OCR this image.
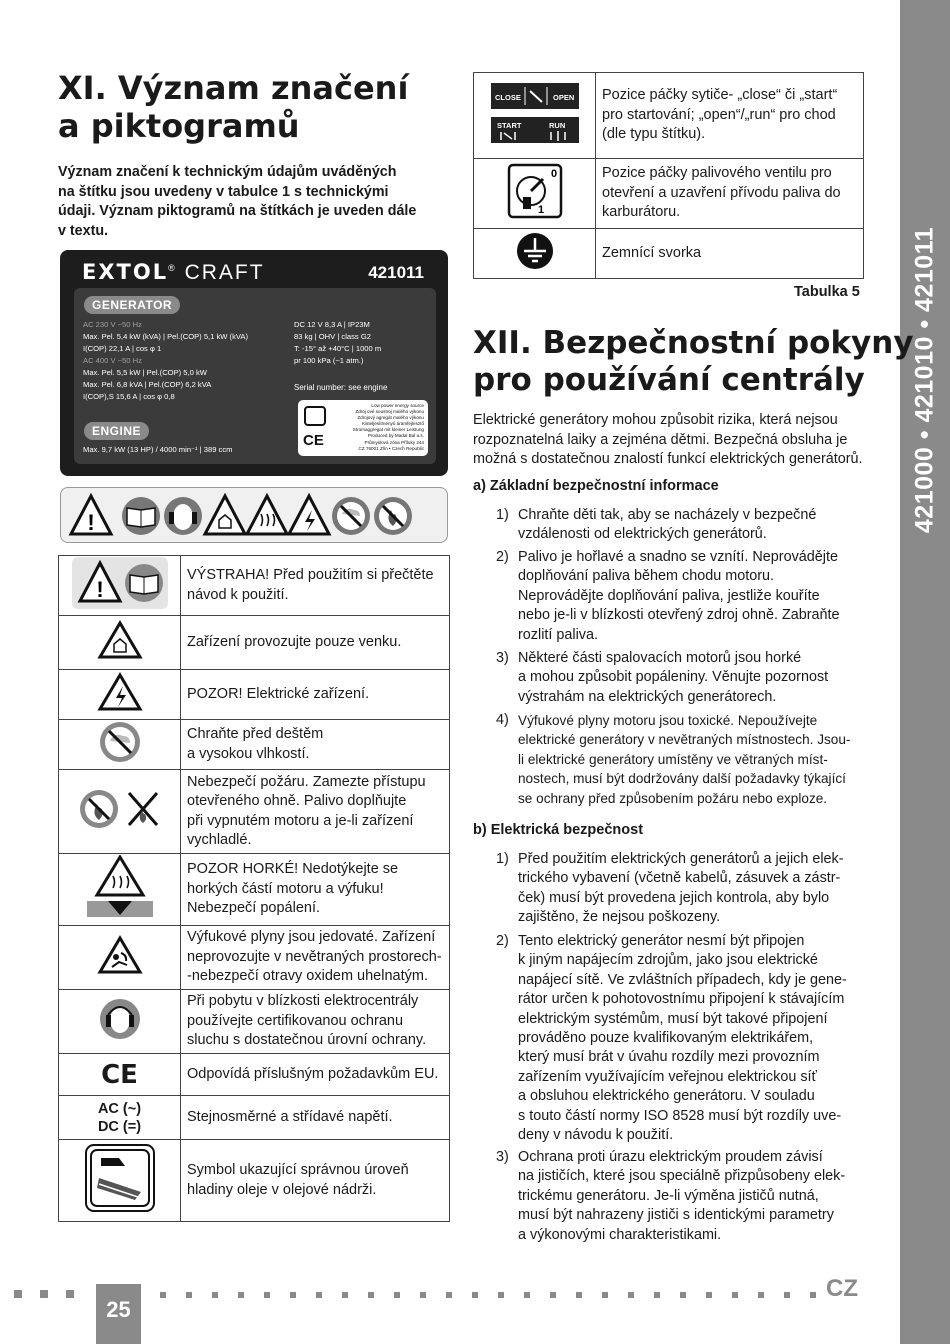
421000 • 421010 • 421011
XI. Význam značení
a piktogramů
Význam značení k technickým údajům uváděných
na štítku jsou uvedeny v tabulce 1 s technickými
údaji. Význam piktogramů na štítkách je uveden dále
v textu.
EXTOL® CRAFT	421011
GENERATOR
AC 230 V ~50 Hz
Max. Pel. 5,4 kW (kVA) | Pel.(COP) 5,1 kW (kVA)
I(COP) 22,1 A | cos φ 1
AC 400 V ~50 Hz
Max. Pel. 5,5 kW | Pel.(COP) 5,0 kW
Max. Pel. 6,8 kVA | Pel.(COP) 6,2 kVA
I(COP),S 15,6 A | cos φ 0,8
DC 12 V 8,3 A | IP23M
83 kg | OHV | class G2
T: -15° až +40°C | 1000 m
pr 100 kPa (~1 atm.)
Serial number: see engine
ENGINE
Max. 9,7 kW (13 HP) / 4000 min⁻¹ | 389 ccm
CE
Low power energy source
Zdroj ové soustroj malého výkonu
Zdrojový agregát malého výkonu
Kisteljesítményű áramfejlesztő
Stromaggregat mit kleiner Leistung
Produced by Madal Bal a.s.
Průmyslová zóna Příluky 244
CZ 76001 Zlín • Czech Republic
!
!	VÝSTRAHA! Před použitím si přečtěte
návod k použití.

Zařízení provozujte pouze venku.

POZOR! Elektrické zařízení.

Chraňte před deštěm
a vysokou vlhkostí.

Nebezpečí požáru. Zamezte přístupu
otevřeného ohně. Palivo doplňujte
při vypnutém motoru a je-li zařízení
vychladlé.

POZOR HORKÉ! Nedotýkejte se
horkých částí motoru a výfuku!
Nebezpečí popálení.

Výfukové plyny jsou jedovaté. Zařízení
neprovozujte v nevětraných prostorech-
-nebezpečí otravy oxidem uhelnatým.

Při pobytu v blízkosti elektrocentrály
používejte certifikovanou ochranu
sluchu s dostatečnou úrovní ochrany.

CE	Odpovídá příslušným požadavkům EU.

AC (~)
DC (=)	Stejnosměrné a střídavé napětí.

Symbol ukazující správnou úroveň
hladiny oleje v olejové nádrži.
CLOSE OPEN
START RUN	Pozice páčky sytiče- „close“ či „start“
pro startování; „open“/„run“ pro chod
(dle typu štítku).

0
1	Pozice páčky palivového ventilu pro
otevření a uzavření přívodu paliva do
karburátoru.

Zemnící svorka
Tabulka 5
XII. Bezpečnostní pokyny
pro používání centrály
Elektrické generátory mohou způsobit rizika, která nejsou
rozpoznatelná laiky a zejména dětmi. Bezpečná obsluha je
možná s dostatečnou znalostí funkcí elektrických generátorů.
a) Základní bezpečnostní informace
1) Chraňte děti tak, aby se nacházely v bezpečné
vzdálenosti od elektrických generátorů.
2) Palivo je hořlavé a snadno se vznítí. Neprovádějte
doplňování paliva během chodu motoru.
Neprovádějte doplňování paliva, jestliže kouříte
nebo je-li v blízkosti otevřený zdroj ohně. Zabraňte
rozlití paliva.
3) Některé části spalovacích motorů jsou horké
a mohou způsobit popáleniny. Věnujte pozornost
výstrahám na elektrických generátorech.
4) Výfukové plyny motoru jsou toxické. Nepoužívejte
elektrické generátory v nevětraných místnostech. Jsou-
li elektrické generátory umístěny ve větraných míst-
nostech, musí být dodržovány další požadavky týkající
se ochrany před způsobením požáru nebo exploze.
b) Elektrická bezpečnost
1) Před použitím elektrických generátorů a jejich elek-
trického vybavení (včetně kabelů, zásuvek a zástr-
ček) musí být provedena jejich kontrola, aby bylo
zajištěno, že nejsou poškozeny.
2) Tento elektrický generátor nesmí být připojen
k jiným napájecím zdrojům, jako jsou elektrické
napájecí sítě. Ve zvláštních případech, kdy je gene-
rátor určen k pohotovostnímu připojení k stávajícím
elektrickým systémům, musí být takové připojení
prováděno pouze kvalifikovaným elektrikářem,
který musí brát v úvahu rozdíly mezi provozním
zařízením využívajícím veřejnou elektrickou síť
a obsluhou elektrického generátoru. V souladu
s touto částí normy ISO 8528 musí být rozdíly uve-
deny v návodu k použití.
3) Ochrana proti úrazu elektrickým proudem závisí
na jističích, které jsou speciálně přizpůsobeny elek-
trickému generátoru. Je-li výměna jističů nutná,
musí být nahrazeny jističi s identickými parametry
a výkonovými charakteristikami.
25
CZ
